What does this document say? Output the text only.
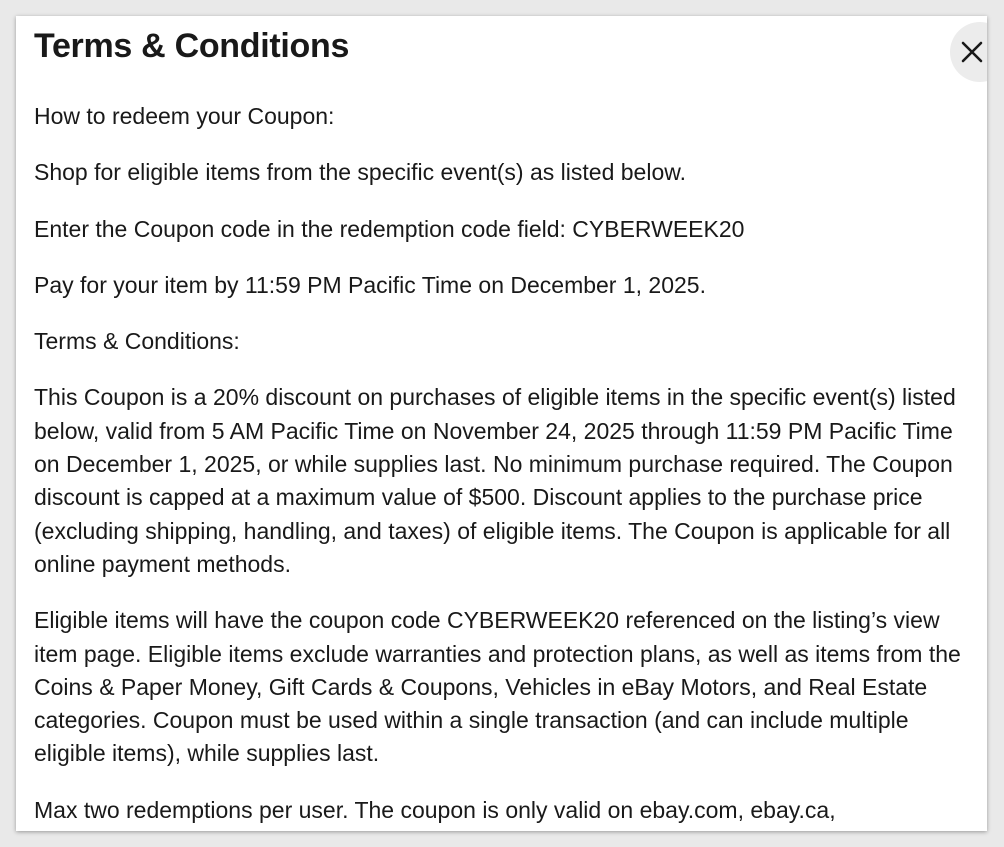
Terms & Conditions

How to redeem your Coupon:

Shop for eligible items from the specific event(s) as listed below.

Enter the Coupon code in the redemption code field: CYBERWEEK20

Pay for your item by 11:59 PM Pacific Time on December 1, 2025.

Terms & Conditions:

This Coupon is a 20% discount on purchases of eligible items in the specific event(s) listed below, valid from 5 AM Pacific Time on November 24, 2025 through 11:59 PM Pacific Time on December 1, 2025, or while supplies last. No minimum purchase required. The Coupon discount is capped at a maximum value of $500. Discount applies to the purchase price (excluding shipping, handling, and taxes) of eligible items. The Coupon is applicable for all online payment methods.

Eligible items will have the coupon code CYBERWEEK20 referenced on the listing’s view item page. Eligible items exclude warranties and protection plans, as well as items from the Coins & Paper Money, Gift Cards & Coupons, Vehicles in eBay Motors, and Real Estate categories. Coupon must be used within a single transaction (and can include multiple eligible items), while supplies last.

Max two redemptions per user. The coupon is only valid on ebay.com, ebay.ca,
